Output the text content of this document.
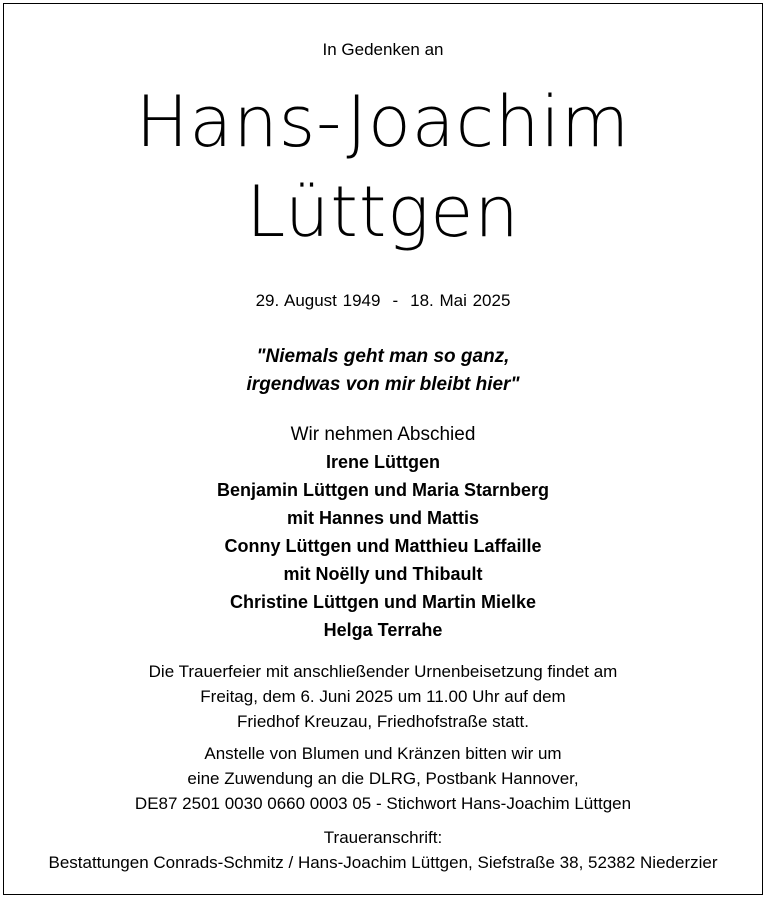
In Gedenken an
Hans-Joachim
Lüttgen
29. August 1949 - 18. Mai 2025
"Niemals geht man so ganz,
irgendwas von mir bleibt hier"
Wir nehmen Abschied
Irene Lüttgen
Benjamin Lüttgen und Maria Starnberg
mit Hannes und Mattis
Conny Lüttgen und Matthieu Laffaille
mit Noëlly und Thibault
Christine Lüttgen und Martin Mielke
Helga Terrahe
Die Trauerfeier mit anschließender Urnenbeisetzung findet am
Freitag, dem 6. Juni 2025 um 11.00 Uhr auf dem
Friedhof Kreuzau, Friedhofstraße statt.
Anstelle von Blumen und Kränzen bitten wir um
eine Zuwendung an die DLRG, Postbank Hannover,
DE87 2501 0030 0660 0003 05 - Stichwort Hans-Joachim Lüttgen
Traueranschrift:
Bestattungen Conrads-Schmitz / Hans-Joachim Lüttgen, Siefstraße 38, 52382 Niederzier
